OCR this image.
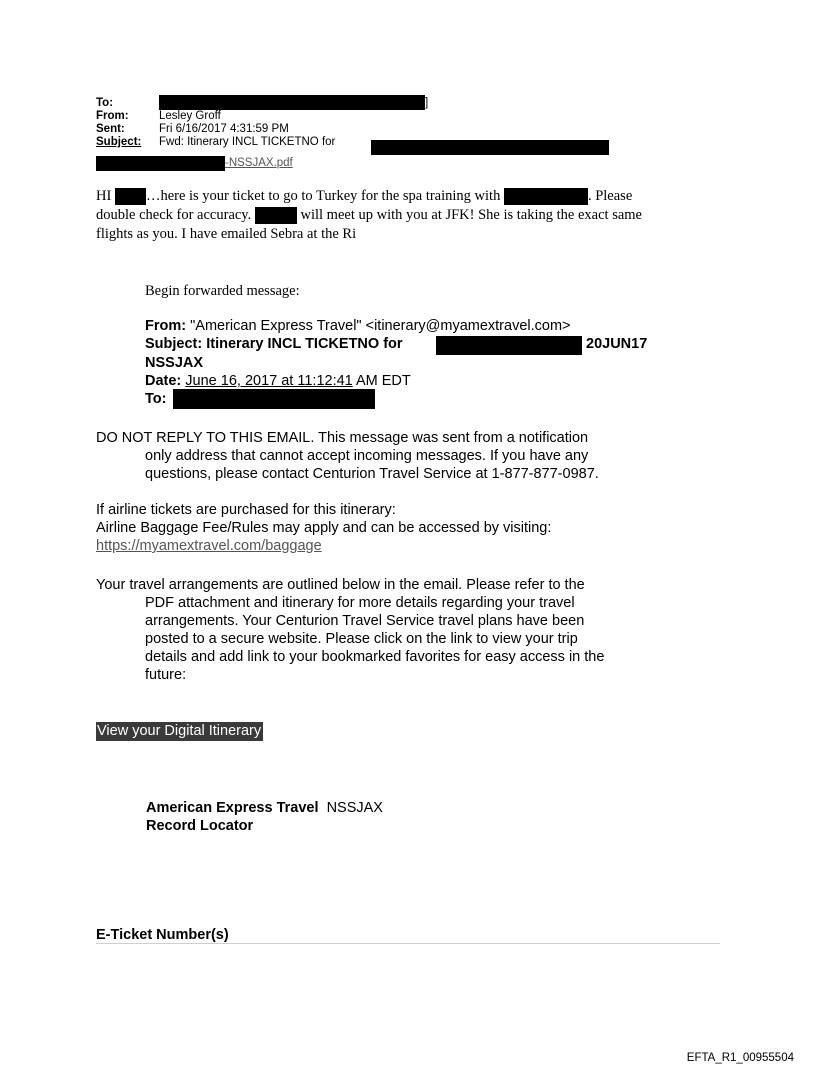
To:	]
From:	Lesley Groff
Sent:	Fri 6/16/2017 4:31:59 PM
Subject: Fwd: Itinerary INCL TICKETNO for
-NSSJAX.pdf
HI …here is your ticket to go to Turkey for the spa training with	. Please
double check for accuracy.	will meet up with you at JFK! She is taking the exact same
flights as you. I have emailed Sebra at the Ri
Begin forwarded message:
From: "American Express Travel" <itinerary@myamextravel.com>
Subject: Itinerary INCL TICKETNO for	20JUN17
NSSJAX
Date: June 16, 2017 at 11:12:41 AM EDT
To:
DO NOT REPLY TO THIS EMAIL. This message was sent from a notification
only address that cannot accept incoming messages. If you have any
questions, please contact Centurion Travel Service at 1-877-877-0987.
If airline tickets are purchased for this itinerary:
Airline Baggage Fee/Rules may apply and can be accessed by visiting:
https://myamextravel.com/baggage
Your travel arrangements are outlined below in the email. Please refer to the
PDF attachment and itinerary for more details regarding your travel
arrangements. Your Centurion Travel Service travel plans have been
posted to a secure website. Please click on the link to view your trip
details and add link to your bookmarked favorites for easy access in the
future:
View your Digital Itinerary
American Express Travel NSSJAX
Record Locator
E-Ticket Number(s)
EFTA_R1_00955504
